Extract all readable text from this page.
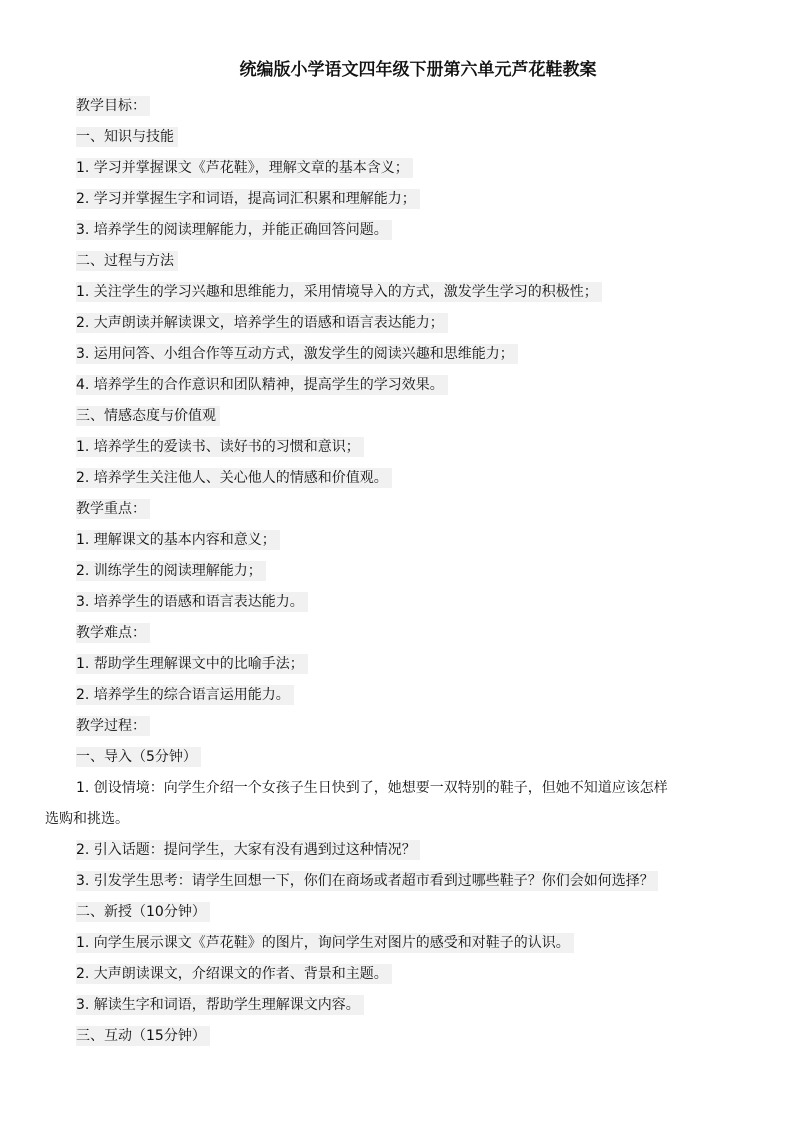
统编版小学语文四年级下册第六单元芦花鞋教案
教学目标：
一、知识与技能
1. 学习并掌握课文《芦花鞋》，理解文章的基本含义；
2. 学习并掌握生字和词语，提高词汇积累和理解能力；
3. 培养学生的阅读理解能力，并能正确回答问题。
二、过程与方法
1. 关注学生的学习兴趣和思维能力，采用情境导入的方式，激发学生学习的积极性；
2. 大声朗读并解读课文，培养学生的语感和语言表达能力；
3. 运用问答、小组合作等互动方式，激发学生的阅读兴趣和思维能力；
4. 培养学生的合作意识和团队精神，提高学生的学习效果。
三、情感态度与价值观
1. 培养学生的爱读书、读好书的习惯和意识；
2. 培养学生关注他人、关心他人的情感和价值观。
教学重点：
1. 理解课文的基本内容和意义；
2. 训练学生的阅读理解能力；
3. 培养学生的语感和语言表达能力。
教学难点：
1. 帮助学生理解课文中的比喻手法；
2. 培养学生的综合语言运用能力。
教学过程：
一、导入（5分钟）
1. 创设情境：向学生介绍一个女孩子生日快到了，她想要一双特别的鞋子，但她不知道应该怎样
选购和挑选。
2. 引入话题：提问学生，大家有没有遇到过这种情况？
3. 引发学生思考：请学生回想一下，你们在商场或者超市看到过哪些鞋子？你们会如何选择？
二、新授（10分钟）
1. 向学生展示课文《芦花鞋》的图片，询问学生对图片的感受和对鞋子的认识。
2. 大声朗读课文，介绍课文的作者、背景和主题。
3. 解读生字和词语，帮助学生理解课文内容。
三、互动（15分钟）
